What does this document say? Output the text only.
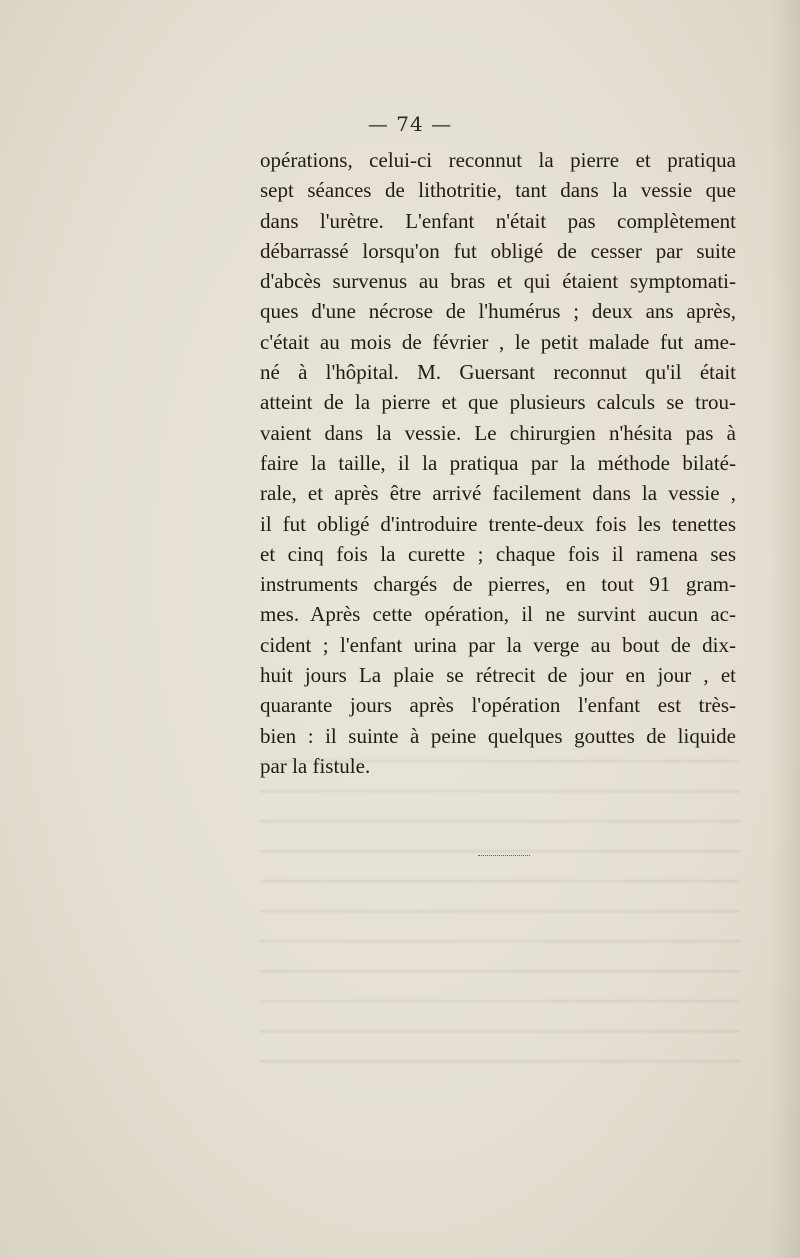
— 74 —
opérations, celui-ci reconnut la pierre et pratiqua
sept séances de lithotritie, tant dans la vessie que
dans l'urètre. L'enfant n'était pas complètement
débarrassé lorsqu'on fut obligé de cesser par suite
d'abcès survenus au bras et qui étaient symptomati-
ques d'une nécrose de l'humérus ; deux ans après,
c'était au mois de février , le petit malade fut ame-
né à l'hôpital. M. Guersant reconnut qu'il était
atteint de la pierre et que plusieurs calculs se trou-
vaient dans la vessie. Le chirurgien n'hésita pas à
faire la taille, il la pratiqua par la méthode bilaté-
rale, et après être arrivé facilement dans la vessie ,
il fut obligé d'introduire trente-deux fois les tenettes
et cinq fois la curette ; chaque fois il ramena ses
instruments chargés de pierres, en tout 91 gram-
mes. Après cette opération, il ne survint aucun ac-
cident ; l'enfant urina par la verge au bout de dix-
huit jours La plaie se rétrecit de jour en jour , et
quarante jours après l'opération l'enfant est très-
bien : il suinte à peine quelques gouttes de liquide
par la fistule.
